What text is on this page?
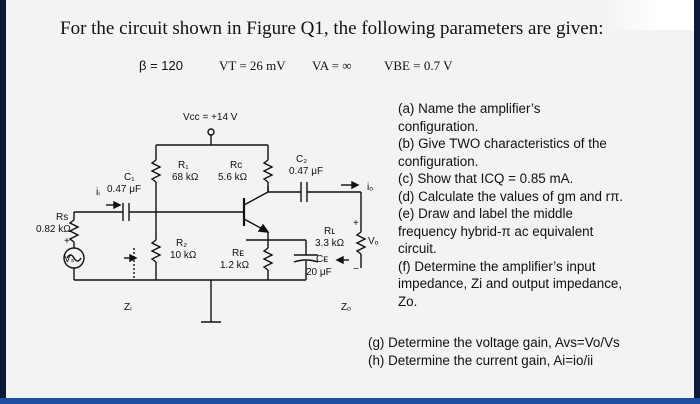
For the circuit shown in Figure Q1, the following parameters are given:
β = 120	VT = 26 mV VA = ∞	VBE = 0.7 V
Vcc = +14 V
R₁
68 kΩ
Rc
5.6 kΩ
C₂
0.47 μF
iₒ
C₁
0.47 μF
iᵢ
Rs
0.82 kΩ
R₂
10 kΩ	Rᴇ
1.2 kΩ
Rʟ
3.3 kΩ
Cᴇ
20 μF
Vₒ
+
−
+
Vₛ
Zᵢ	Zₒ
(a) Name the amplifier’s
configuration.
(b) Give TWO characteristics of the
configuration.
(c) Show that ICQ = 0.85 mA.
(d) Calculate the values of gm and rπ.
(e) Draw and label the middle
frequency hybrid-π ac equivalent
circuit.
(f) Determine the amplifier’s input
impedance, Zi and output impedance,
Zo.
(g) Determine the voltage gain, Avs=Vo/Vs
(h) Determine the current gain, Ai=io/ii
